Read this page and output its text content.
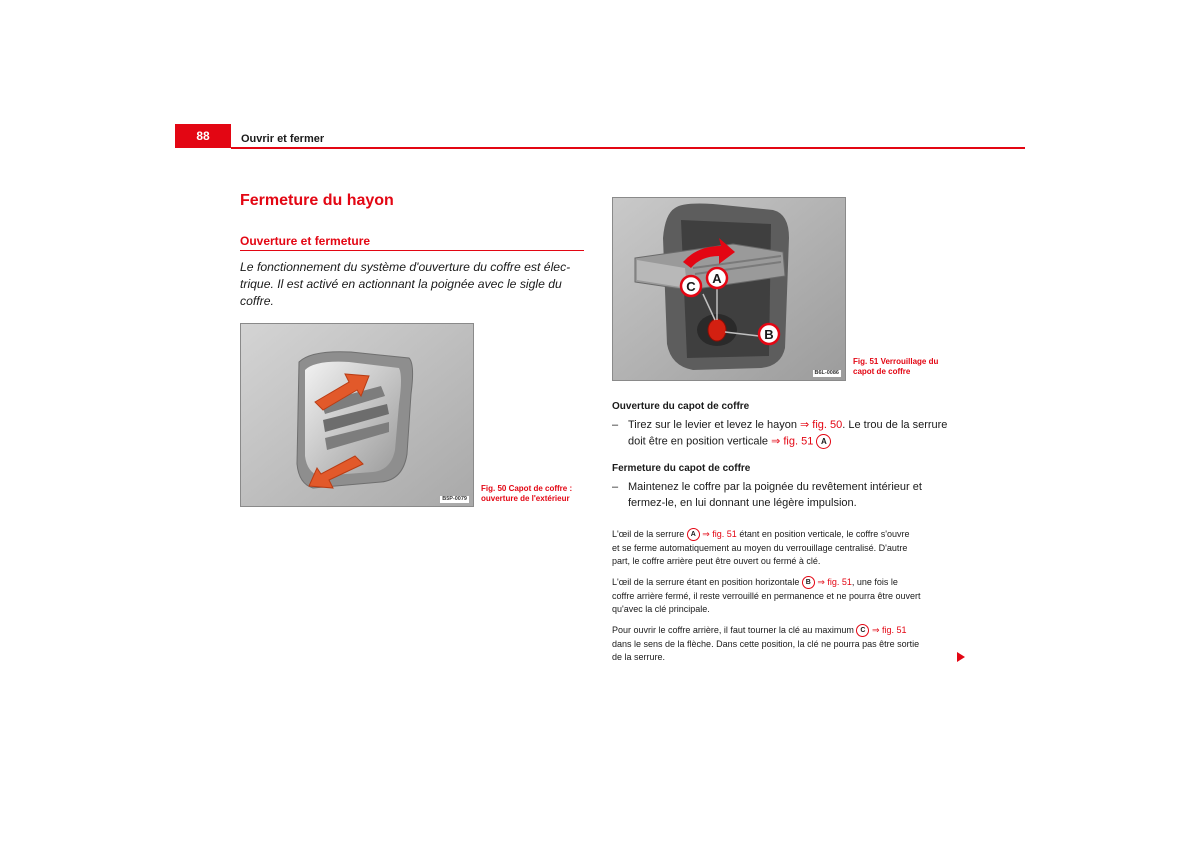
88	Ouvrir et fermer
Fermeture du hayon
Ouverture et fermeture
Le fonctionnement du système d'ouverture du coffre est élec-
trique. Il est activé en actionnant la poignée avec le sigle du
coffre.
B5P-0079
Fig. 50 Capot de coffre :
ouverture de l'extérieur
A
B
C
B6L-0086
Fig. 51 Verrouillage du
capot de coffre
Ouverture du capot de coffre
– Tirez sur le levier et levez le hayon ⇒ fig. 50. Le trou de la serrure
doit être en position verticale ⇒ fig. 51 A
Fermeture du capot de coffre
– Maintenez le coffre par la poignée du revêtement intérieur et
fermez-le, en lui donnant une légère impulsion.
L'œil de la serrure A ⇒ fig. 51 étant en position verticale, le coffre s'ouvre
et se ferme automatiquement au moyen du verrouillage centralisé. D'autre
part, le coffre arrière peut être ouvert ou fermé à clé.
L'œil de la serrure étant en position horizontale B ⇒ fig. 51, une fois le
coffre arrière fermé, il reste verrouillé en permanence et ne pourra être ouvert
qu'avec la clé principale.
Pour ouvrir le coffre arrière, il faut tourner la clé au maximum C ⇒ fig. 51
dans le sens de la flèche. Dans cette position, la clé ne pourra pas être sortie
de la serrure.
